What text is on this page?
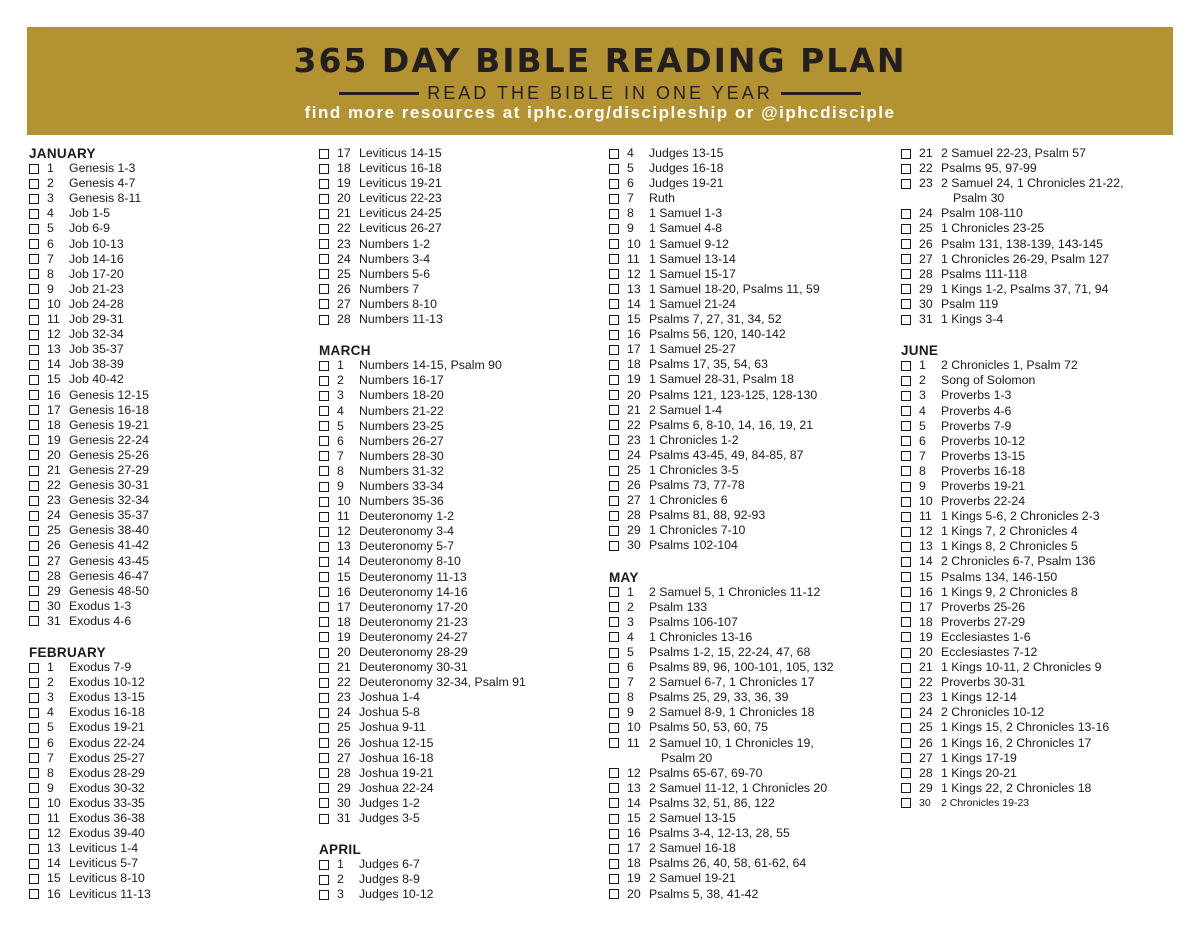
365 DAY BIBLE READING PLAN
READ THE BIBLE IN ONE YEAR
find more resources at iphc.org/discipleship or @iphcdisciple
JANUARY
1	Genesis 1-3
2	Genesis 4-7
3	Genesis 8-11
4	Job 1-5
5	Job 6-9
6	Job 10-13
7	Job 14-16
8	Job 17-20
9	Job 21-23
10 Job 24-28
11 Job 29-31
12 Job 32-34
13 Job 35-37
14 Job 38-39
15 Job 40-42
16 Genesis 12-15
17 Genesis 16-18
18 Genesis 19-21
19 Genesis 22-24
20 Genesis 25-26
21 Genesis 27-29
22 Genesis 30-31
23 Genesis 32-34
24 Genesis 35-37
25 Genesis 38-40
26 Genesis 41-42
27 Genesis 43-45
28 Genesis 46-47
29 Genesis 48-50
30 Exodus 1-3
31 Exodus 4-6
FEBRUARY
1	Exodus 7-9
2	Exodus 10-12
3	Exodus 13-15
4	Exodus 16-18
5	Exodus 19-21
6	Exodus 22-24
7	Exodus 25-27
8	Exodus 28-29
9	Exodus 30-32
10 Exodus 33-35
11 Exodus 36-38
12 Exodus 39-40
13 Leviticus 1-4
14 Leviticus 5-7
15 Leviticus 8-10
16 Leviticus 11-13
17 Leviticus 14-15
18 Leviticus 16-18
19 Leviticus 19-21
20 Leviticus 22-23
21 Leviticus 24-25
22 Leviticus 26-27
23 Numbers 1-2
24 Numbers 3-4
25 Numbers 5-6
26 Numbers 7
27 Numbers 8-10
28 Numbers 11-13
MARCH
1	Numbers 14-15, Psalm 90
2	Numbers 16-17
3	Numbers 18-20
4	Numbers 21-22
5	Numbers 23-25
6	Numbers 26-27
7	Numbers 28-30
8	Numbers 31-32
9	Numbers 33-34
10 Numbers 35-36
11 Deuteronomy 1-2
12 Deuteronomy 3-4
13 Deuteronomy 5-7
14 Deuteronomy 8-10
15 Deuteronomy 11-13
16 Deuteronomy 14-16
17 Deuteronomy 17-20
18 Deuteronomy 21-23
19 Deuteronomy 24-27
20 Deuteronomy 28-29
21 Deuteronomy 30-31
22 Deuteronomy 32-34, Psalm 91
23 Joshua 1-4
24 Joshua 5-8
25 Joshua 9-11
26 Joshua 12-15
27 Joshua 16-18
28 Joshua 19-21
29 Joshua 22-24
30 Judges 1-2
31 Judges 3-5
APRIL
1	Judges 6-7
2	Judges 8-9
3	Judges 10-12
4	Judges 13-15
5	Judges 16-18
6	Judges 19-21
7	Ruth
8	1 Samuel 1-3
9	1 Samuel 4-8
10 1 Samuel 9-12
11 1 Samuel 13-14
12 1 Samuel 15-17
13 1 Samuel 18-20, Psalms 11, 59
14 1 Samuel 21-24
15 Psalms 7, 27, 31, 34, 52
16 Psalms 56, 120, 140-142
17 1 Samuel 25-27
18 Psalms 17, 35, 54, 63
19 1 Samuel 28-31, Psalm 18
20 Psalms 121, 123-125, 128-130
21 2 Samuel 1-4
22 Psalms 6, 8-10, 14, 16, 19, 21
23 1 Chronicles 1-2
24 Psalms 43-45, 49, 84-85, 87
25 1 Chronicles 3-5
26 Psalms 73, 77-78
27 1 Chronicles 6
28 Psalms 81, 88, 92-93
29 1 Chronicles 7-10
30 Psalms 102-104
MAY
1	2 Samuel 5, 1 Chronicles 11-12
2	Psalm 133
3	Psalms 106-107
4	1 Chronicles 13-16
5	Psalms 1-2, 15, 22-24, 47, 68
6	Psalms 89, 96, 100-101, 105, 132
7	2 Samuel 6-7, 1 Chronicles 17
8	Psalms 25, 29, 33, 36, 39
9	2 Samuel 8-9, 1 Chronicles 18
10 Psalms 50, 53, 60, 75
11 2 Samuel 10, 1 Chronicles 19,
Psalm 20
12 Psalms 65-67, 69-70
13 2 Samuel 11-12, 1 Chronicles 20
14 Psalms 32, 51, 86, 122
15 2 Samuel 13-15
16 Psalms 3-4, 12-13, 28, 55
17 2 Samuel 16-18
18 Psalms 26, 40, 58, 61-62, 64
19 2 Samuel 19-21
20 Psalms 5, 38, 41-42
21 2 Samuel 22-23, Psalm 57
22 Psalms 95, 97-99
23 2 Samuel 24, 1 Chronicles 21-22,
Psalm 30
24 Psalm 108-110
25 1 Chronicles 23-25
26 Psalm 131, 138-139, 143-145
27 1 Chronicles 26-29, Psalm 127
28 Psalms 111-118
29 1 Kings 1-2, Psalms 37, 71, 94
30 Psalm 119
31 1 Kings 3-4
JUNE
1	2 Chronicles 1, Psalm 72
2	Song of Solomon
3	Proverbs 1-3
4	Proverbs 4-6
5	Proverbs 7-9
6	Proverbs 10-12
7	Proverbs 13-15
8	Proverbs 16-18
9	Proverbs 19-21
10 Proverbs 22-24
11 1 Kings 5-6, 2 Chronicles 2-3
12 1 Kings 7, 2 Chronicles 4
13 1 Kings 8, 2 Chronicles 5
14 2 Chronicles 6-7, Psalm 136
15 Psalms 134, 146-150
16 1 Kings 9, 2 Chronicles 8
17 Proverbs 25-26
18 Proverbs 27-29
19 Ecclesiastes 1-6
20 Ecclesiastes 7-12
21 1 Kings 10-11, 2 Chronicles 9
22 Proverbs 30-31
23 1 Kings 12-14
24 2 Chronicles 10-12
25 1 Kings 15, 2 Chronicles 13-16
26 1 Kings 16, 2 Chronicles 17
27 1 Kings 17-19
28 1 Kings 20-21
29 1 Kings 22, 2 Chronicles 18
30 2 Chronicles 19-23
